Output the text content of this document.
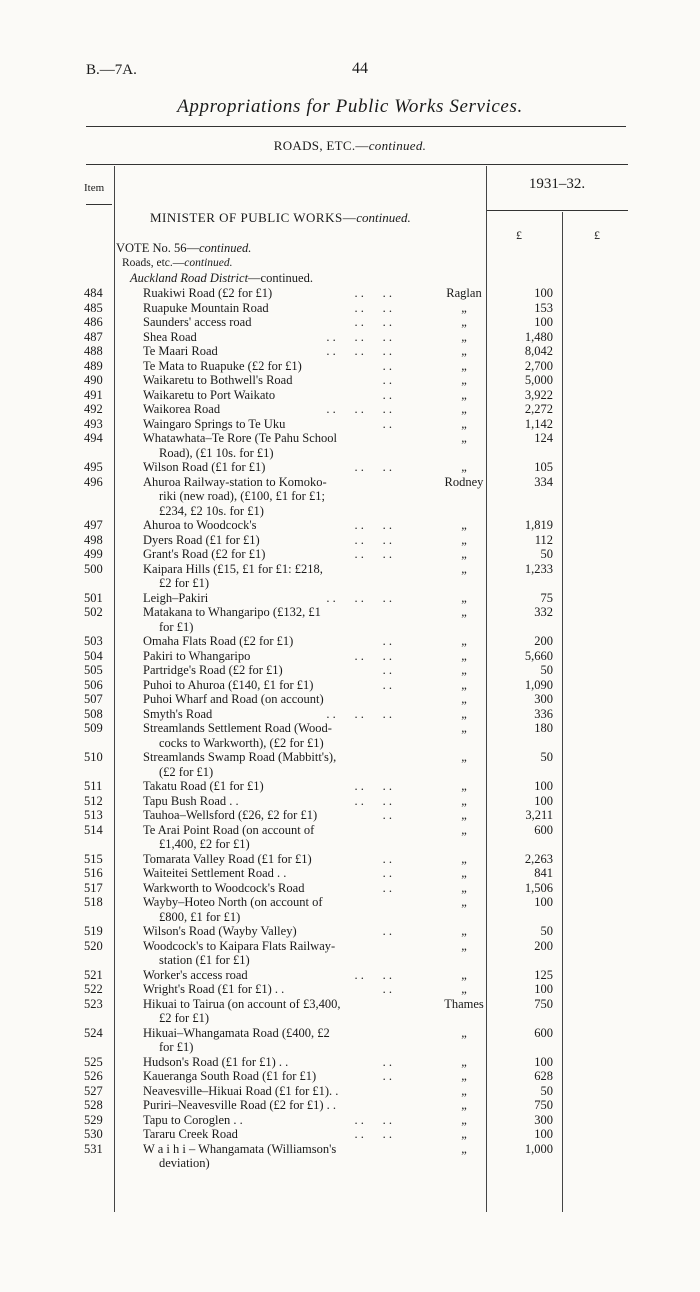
B.—7A.	44
Appropriations for Public Works Services.
ROADS, ETC.—continued.
Item	1931–32.
MINISTER OF PUBLIC WORKS—continued.
£	£
VOTE No. 56—continued.
Roads, etc.—continued.
Auckland Road District—continued.
484	Ruakiwi Road (£2 for £1)	. .      . .	Raglan	100
485	Ruapuke Mountain Road	. .      . .	„	153
486	Saunders' access road	. .      . .	„	100
487	Shea Road	. .      . .      . .	„	1,480
488	Te Maari Road	. .      . .      . .	„	8,042
489	Te Mata to Ruapuke (£2 for £1)	. .	„	2,700
490	Waikaretu to Bothwell's Road	. .	„	5,000
491	Waikaretu to Port Waikato	. .	„	3,922
492	Waikorea Road	. .      . .      . .	„	2,272
493	Waingaro Springs to Te Uku	. .	„	1,142
494	Whatawhata–Te Rore (Te Pahu School
Road), (£1 10s. for £1)
„	124
495	Wilson Road (£1 for £1)	. .      . .	„	105
496	Ahuroa Railway-station to Komoko-
riki (new road), (£100, £1 for £1;
£234, £2 10s. for £1)
Rodney	334
497	Ahuroa to Woodcock's	. .      . .	„	1,819
498	Dyers Road (£1 for £1)	. .      . .	„	112
499	Grant's Road (£2 for £1)	. .      . .	„	50
500	Kaipara Hills (£15, £1 for £1: £218,
£2 for £1)
„	1,233
501	Leigh–Pakiri	. .      . .      . .	„	75
502	Matakana to Whangaripo (£132, £1
for £1)
„	332
503	Omaha Flats Road (£2 for £1)	. .	„	200
504	Pakiri to Whangaripo	. .      . .	„	5,660
505	Partridge's Road (£2 for £1)	. .	„	50
506	Puhoi to Ahuroa (£140, £1 for £1)	. .	„	1,090
507	Puhoi Wharf and Road (on account)	„	300
508	Smyth's Road	. .      . .      . .	„	336
509	Streamlands Settlement Road (Wood-
cocks to Warkworth), (£2 for £1)
„	180
510	Streamlands Swamp Road (Mabbitt's),
(£2 for £1)
„	50
511	Takatu Road (£1 for £1)	. .      . .	„	100
512	Tapu Bush Road . .	. .      . .	„	100
513	Tauhoa–Wellsford (£26, £2 for £1)	. .	„	3,211
514	Te Arai Point Road (on account of
£1,400, £2 for £1)
„	600
515	Tomarata Valley Road (£1 for £1)	. .	„	2,263
516	Waiteitei Settlement Road . .	. .	„	841
517	Warkworth to Woodcock's Road	. .	„	1,506
518	Wayby–Hoteo North (on account of
£800, £1 for £1)
„	100
519	Wilson's Road (Wayby Valley)	. .	„	50
520	Woodcock's to Kaipara Flats Railway-
station (£1 for £1)
„	200
521	Worker's access road	. .      . .	„	125
522	Wright's Road (£1 for £1) . .	. .	„	100
523	Hikuai to Tairua (on account of £3,400,
£2 for £1)
Thames	750
524	Hikuai–Whangamata Road (£400, £2
for £1)
„	600
525	Hudson's Road (£1 for £1) . .	. .	„	100
526	Kaueranga South Road (£1 for £1)	. .	„	628
527	Neavesville–Hikuai Road (£1 for £1). .	„	50
528	Puriri–Neavesville Road (£2 for £1) . .	„	750
529	Tapu to Coroglen . .	. .      . .	„	300
530	Tararu Creek Road	. .      . .	„	100
531	W a i h i – Whangamata (Williamson's
deviation)
„	1,000
